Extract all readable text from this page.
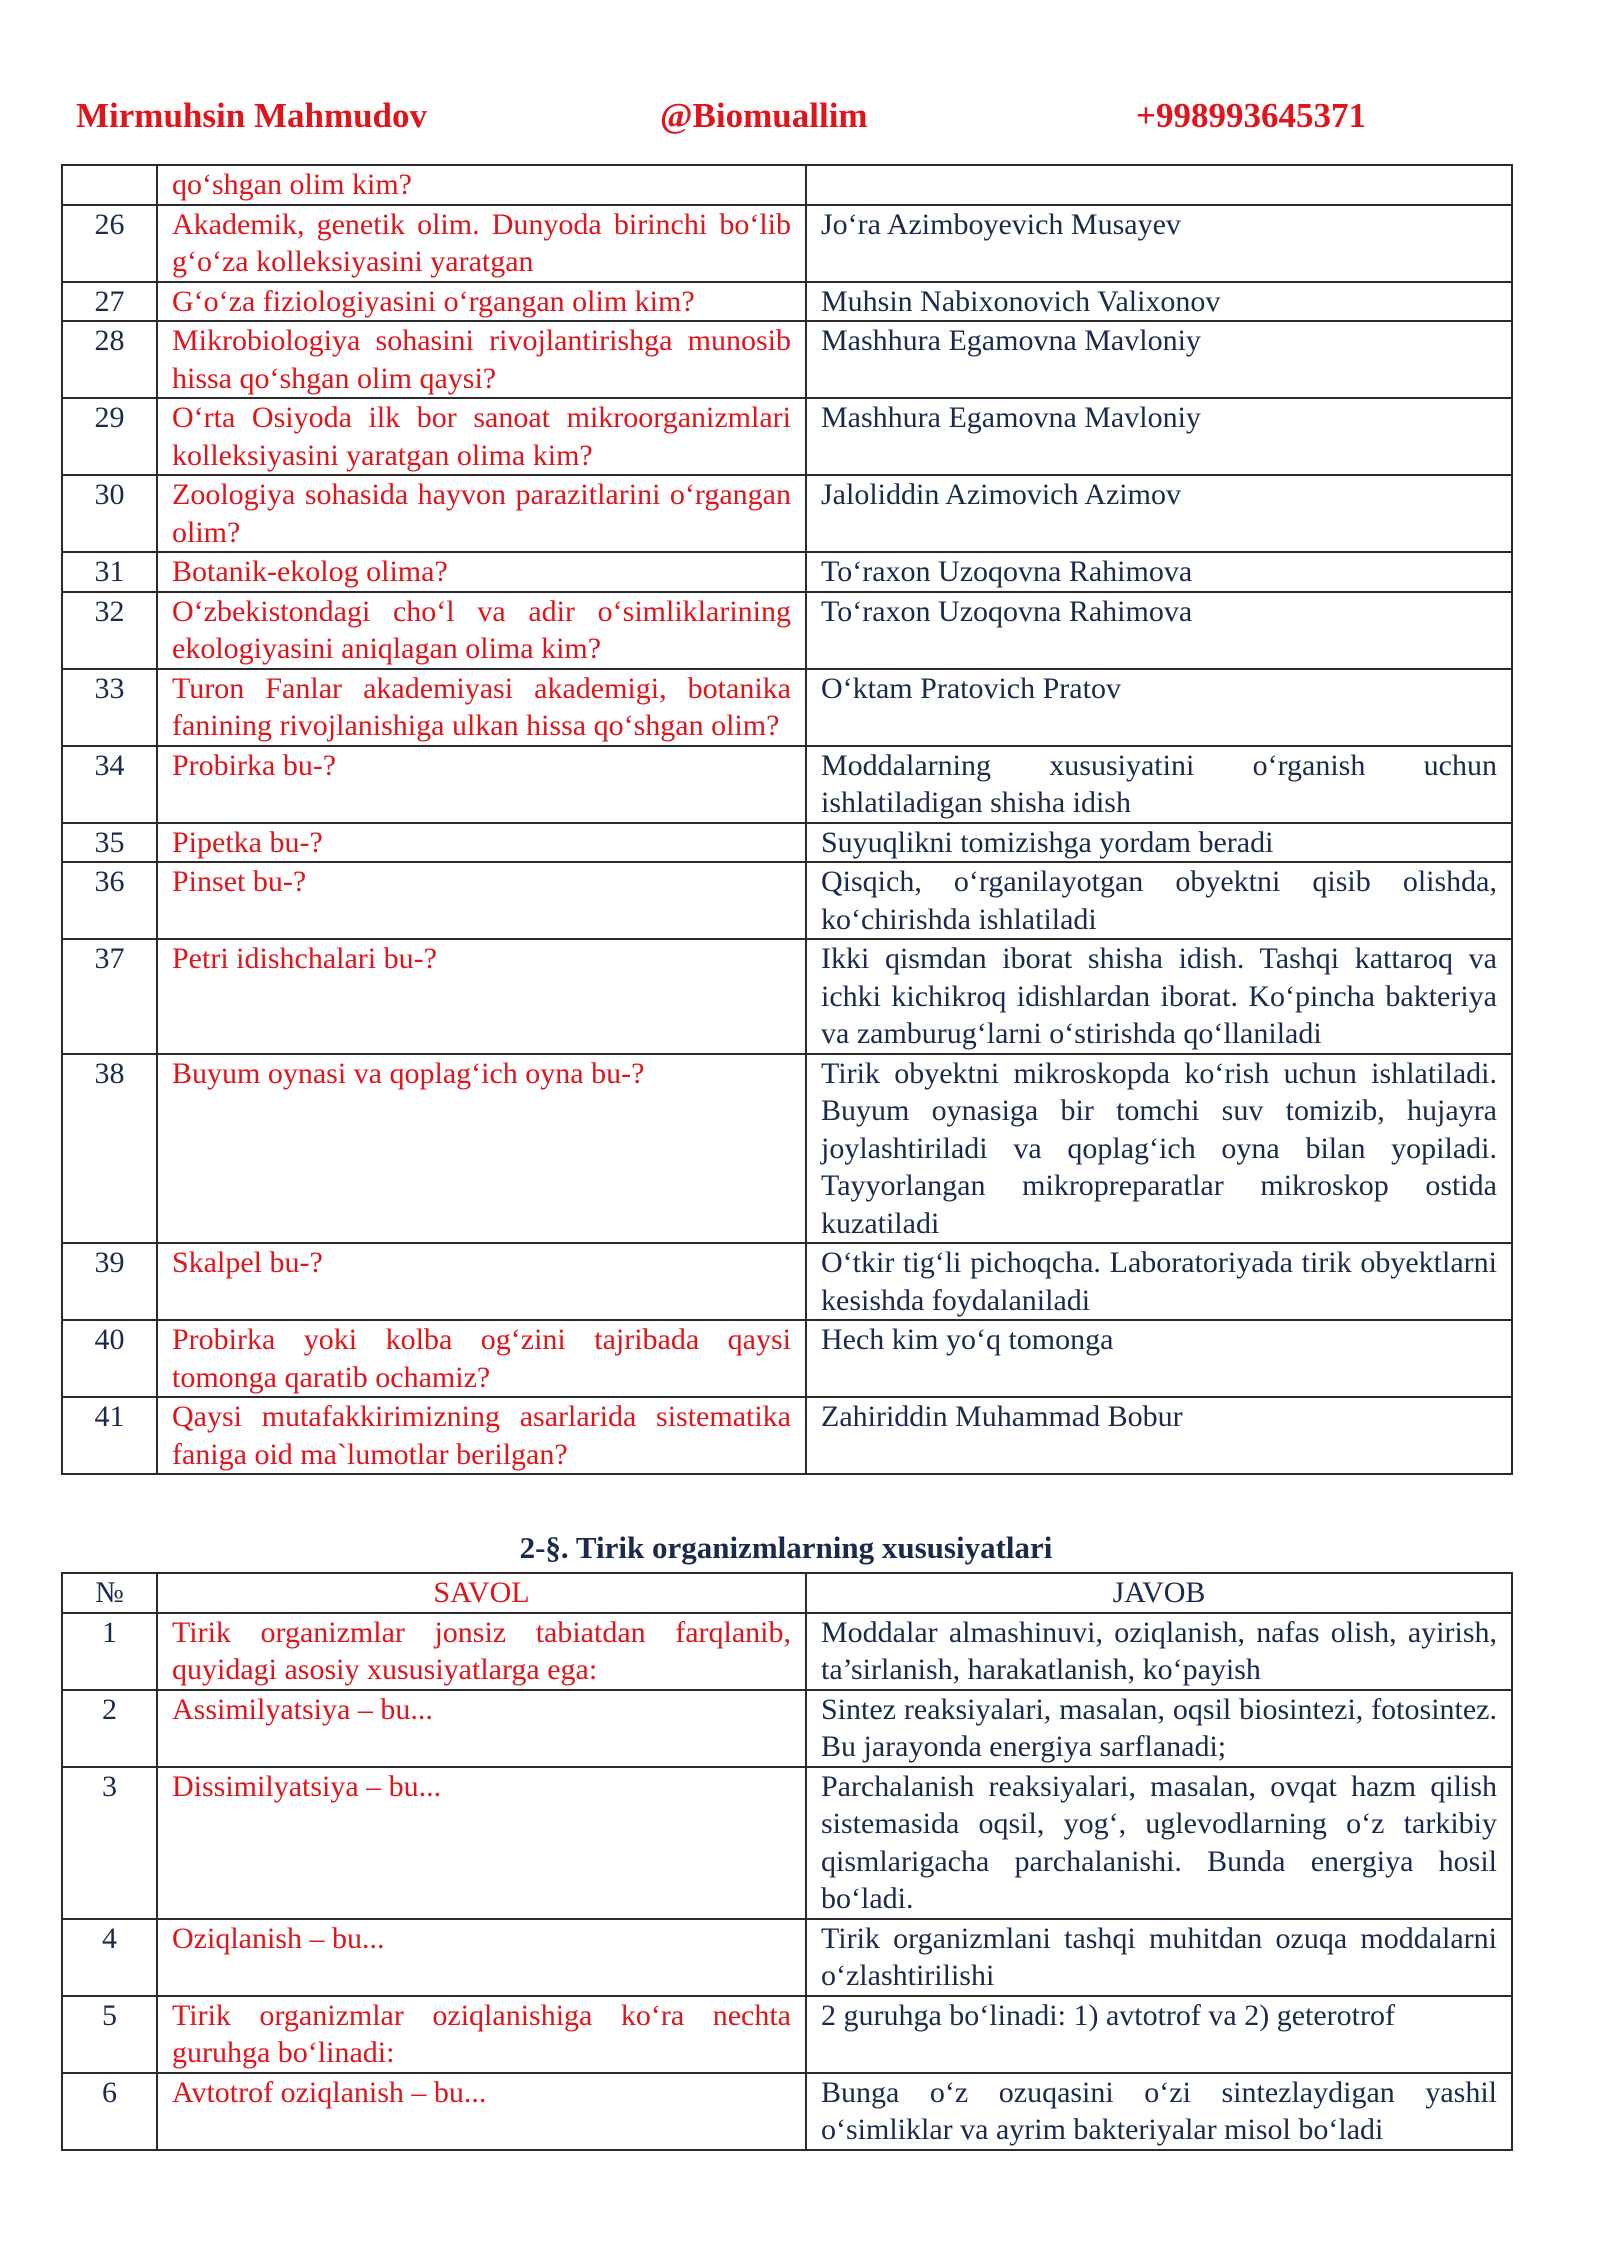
Mirmuhsin Mahmudov	@Biomuallim	+998993645371
	qo‘shgan olim kim?	
26	Akademik, genetik olim. Dunyoda birinchi bo‘lib g‘o‘za kolleksiyasini yaratgan	Jo‘ra Azimboyevich Musayev
27	G‘o‘za fiziologiyasini o‘rgangan olim kim?	Muhsin Nabixonovich Valixonov
28	Mikrobiologiya sohasini rivojlantirishga munosib hissa qo‘shgan olim qaysi?	Mashhura Egamovna Mavloniy
29	O‘rta Osiyoda ilk bor sanoat mikroorganizmlari kolleksiyasini yaratgan olima kim?	Mashhura Egamovna Mavloniy
30	Zoologiya sohasida hayvon parazitlarini o‘rgangan olim?	Jaloliddin Azimovich Azimov
31	Botanik-ekolog olima?	To‘raxon Uzoqovna Rahimova
32	O‘zbekistondagi cho‘l va adir o‘simliklarining ekologiyasini aniqlagan olima kim?	To‘raxon Uzoqovna Rahimova
33	Turon Fanlar akademiyasi akademigi, botanika fanining rivojlanishiga ulkan hissa qo‘shgan olim?	O‘ktam Pratovich Pratov
34	Probirka bu-?	Moddalarning xususiyatini o‘rganish uchun ishlatiladigan shisha idish
35	Pipetka bu-?	Suyuqlikni tomizishga yordam beradi
36	Pinset bu-?	Qisqich, o‘rganilayotgan obyektni qisib olishda, ko‘chirishda ishlatiladi
37	Petri idishchalari bu-?	Ikki qismdan iborat shisha idish. Tashqi kattaroq va ichki kichikroq idishlardan iborat. Ko‘pincha bakteriya va zamburug‘larni o‘stirishda qo‘llaniladi
38	Buyum oynasi va qoplag‘ich oyna bu-?	Tirik obyektni mikroskopda ko‘rish uchun ishlatiladi. Buyum oynasiga bir tomchi suv tomizib, hujayra joylashtiriladi va qoplag‘ich oyna bilan yopiladi. Tayyorlangan mikropreparatlar mikroskop ostida kuzatiladi
39	Skalpel bu-?	O‘tkir tig‘li pichoqcha. Laboratoriyada tirik obyektlarni kesishda foydalaniladi
40	Probirka yoki kolba og‘zini tajribada qaysi tomonga qaratib ochamiz?	Hech kim yo‘q tomonga
41	Qaysi mutafakkirimizning asarlarida sistematika faniga oid ma`lumotlar berilgan?	Zahiriddin Muhammad Bobur
2-§. Tirik organizmlarning xususiyatlari
№	SAVOL	JAVOB
1	Tirik organizmlar jonsiz tabiatdan farqlanib, quyidagi asosiy xususiyatlarga ega:	Moddalar almashinuvi, oziqlanish, nafas olish, ayirish, ta’sirlanish, harakatlanish, ko‘payish
2	Assimilyatsiya – bu...	Sintez reaksiyalari, masalan, oqsil biosintezi, fotosintez. Bu jarayonda energiya sarflanadi;
3	Dissimilyatsiya – bu...	Parchalanish reaksiyalari, masalan, ovqat hazm qilish sistemasida oqsil, yog‘, uglevodlarning o‘z tarkibiy qismlarigacha parchalanishi. Bunda energiya hosil bo‘ladi.
4	Oziqlanish – bu...	Tirik organizmlani tashqi muhitdan ozuqa moddalarni o‘zlashtirilishi
5	Tirik organizmlar oziqlanishiga ko‘ra nechta guruhga bo‘linadi:	2 guruhga bo‘linadi: 1) avtotrof va 2) geterotrof
6	Avtotrof oziqlanish – bu...	Bunga o‘z ozuqasini o‘zi sintezlaydigan yashil o‘simliklar va ayrim bakteriyalar misol bo‘ladi
